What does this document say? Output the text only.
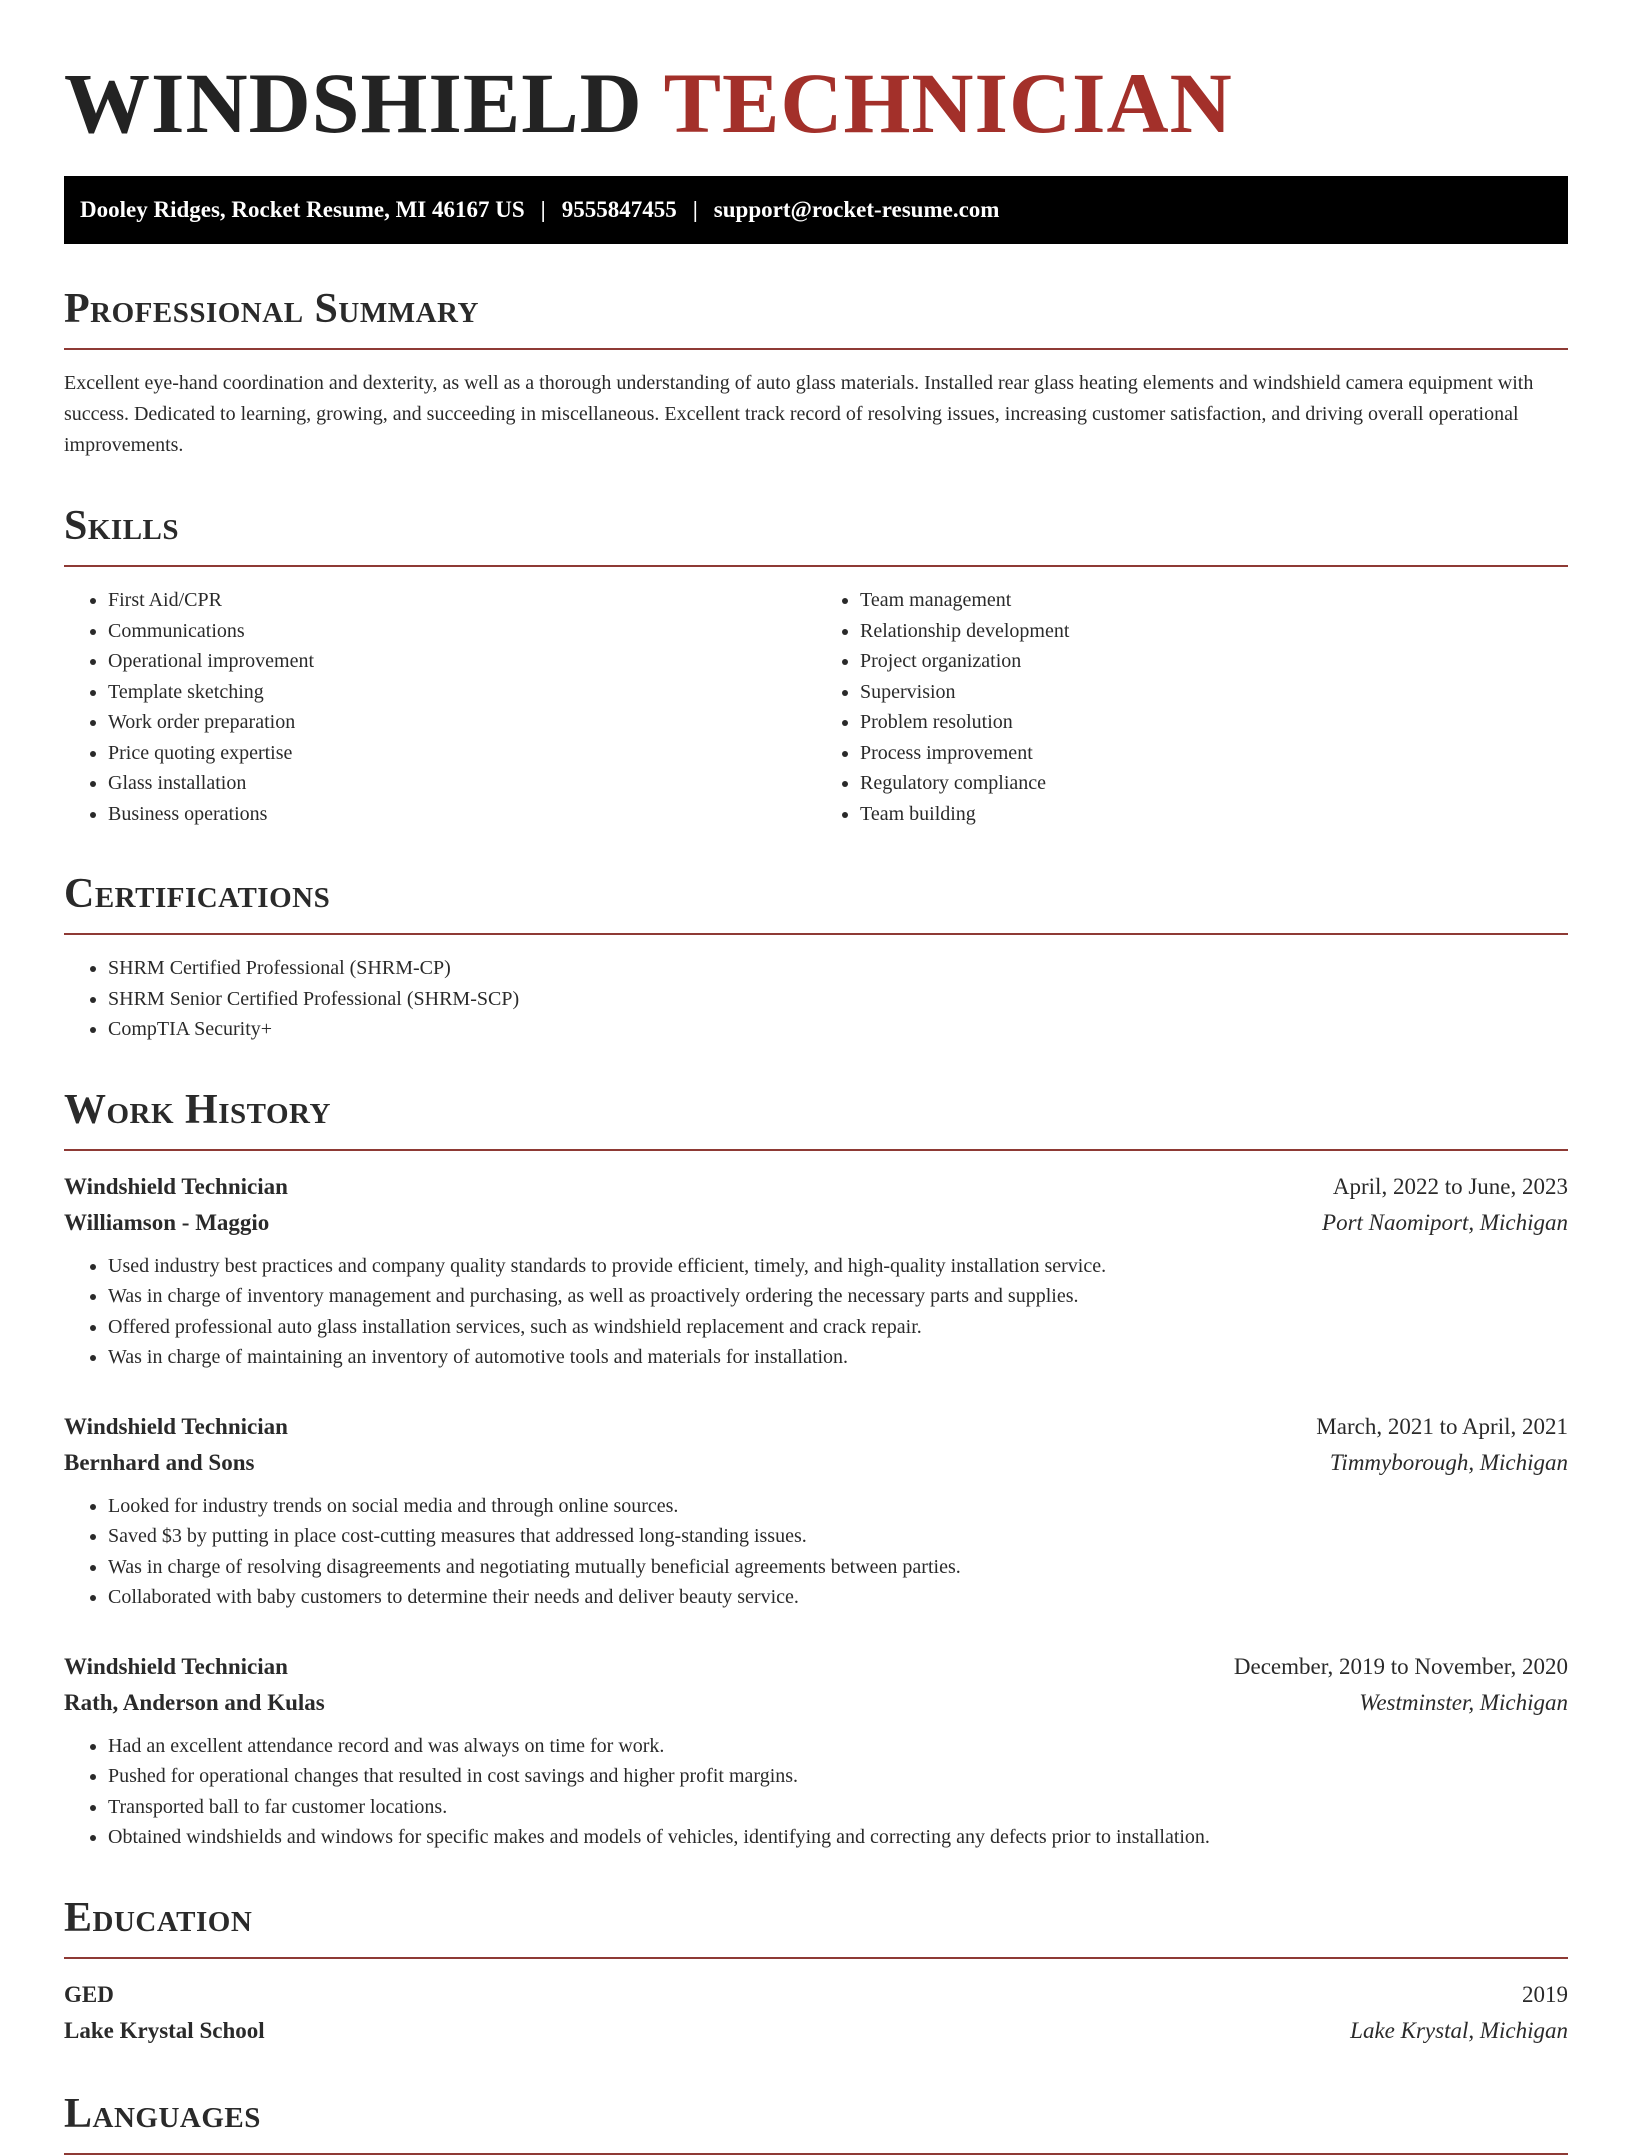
WINDSHIELD TECHNICIAN
Dooley Ridges, Rocket Resume, MI 46167 US | 9555847455 | support@rocket-resume.com
Professional Summary

Excellent eye-hand coordination and dexterity, as well as a thorough understanding of auto glass materials. Installed rear glass heating elements and windshield camera equipment with success. Dedicated to learning, growing, and succeeding in miscellaneous. Excellent track record of resolving issues, increasing customer satisfaction, and driving overall operational improvements.

Skills
• First Aid/CPR
• Communications
• Operational improvement
• Template sketching
• Work order preparation
• Price quoting expertise
• Glass installation
• Business operations
• Team management
• Relationship development
• Project organization
• Supervision
• Problem resolution
• Process improvement
• Regulatory compliance
• Team building
Certifications
• SHRM Certified Professional (SHRM-CP)
• SHRM Senior Certified Professional (SHRM-SCP)
• CompTIA Security+
Work History
Windshield Technician	April, 2022 to June, 2023
Williamson - Maggio	Port Naomiport, Michigan
• Used industry best practices and company quality standards to provide efficient, timely, and high-quality installation service.
• Was in charge of inventory management and purchasing, as well as proactively ordering the necessary parts and supplies.
• Offered professional auto glass installation services, such as windshield replacement and crack repair.
• Was in charge of maintaining an inventory of automotive tools and materials for installation.
Windshield Technician	March, 2021 to April, 2021
Bernhard and Sons	Timmyborough, Michigan
• Looked for industry trends on social media and through online sources.
• Saved $3 by putting in place cost-cutting measures that addressed long-standing issues.
• Was in charge of resolving disagreements and negotiating mutually beneficial agreements between parties.
• Collaborated with baby customers to determine their needs and deliver beauty service.
Windshield Technician	December, 2019 to November, 2020
Rath, Anderson and Kulas	Westminster, Michigan
• Had an excellent attendance record and was always on time for work.
• Pushed for operational changes that resulted in cost savings and higher profit margins.
• Transported ball to far customer locations.
• Obtained windshields and windows for specific makes and models of vehicles, identifying and correcting any defects prior to installation.
Education
GED	2019
Lake Krystal School	Lake Krystal, Michigan
Languages
